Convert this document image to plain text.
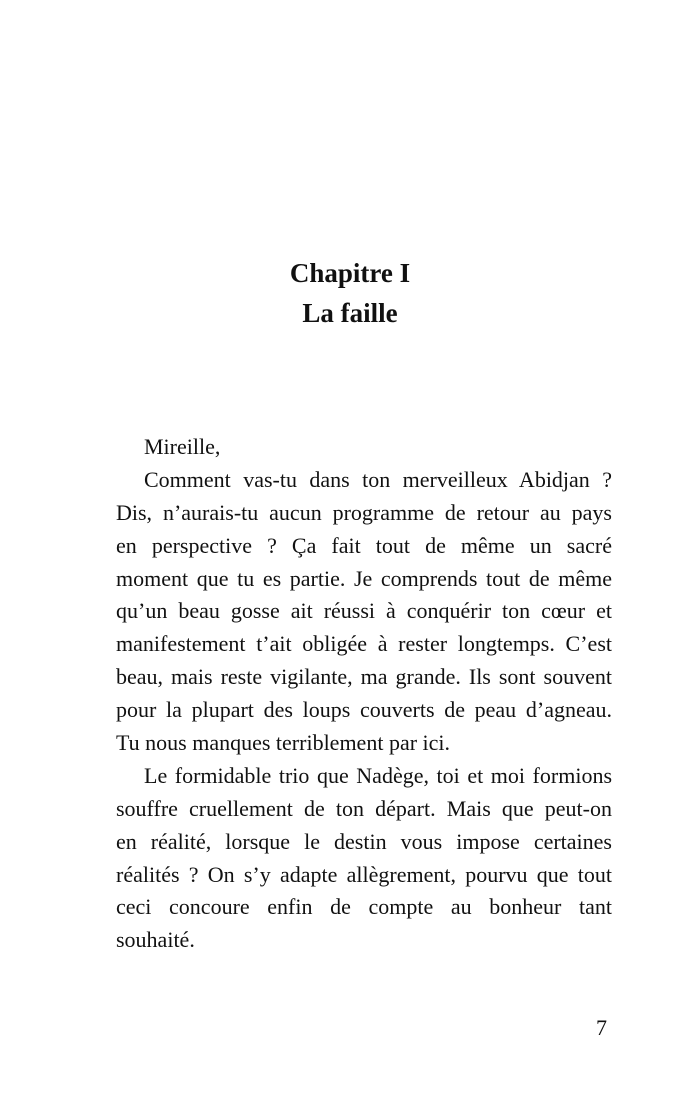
Chapitre I
La faille
Mireille,
Comment vas-tu dans ton merveilleux Abidjan ?
Dis, n’aurais-tu aucun programme de retour au pays
en perspective ? Ça fait tout de même un sacré
moment que tu es partie. Je comprends tout de même
qu’un beau gosse ait réussi à conquérir ton cœur et
manifestement t’ait obligée à rester longtemps. C’est
beau, mais reste vigilante, ma grande. Ils sont souvent
pour la plupart des loups couverts de peau d’agneau.
Tu nous manques terriblement par ici.
Le formidable trio que Nadège, toi et moi formions
souffre cruellement de ton départ. Mais que peut-on
en réalité, lorsque le destin vous impose certaines
réalités ? On s’y adapte allègrement, pourvu que tout
ceci concoure enfin de compte au bonheur tant
souhaité.
7
